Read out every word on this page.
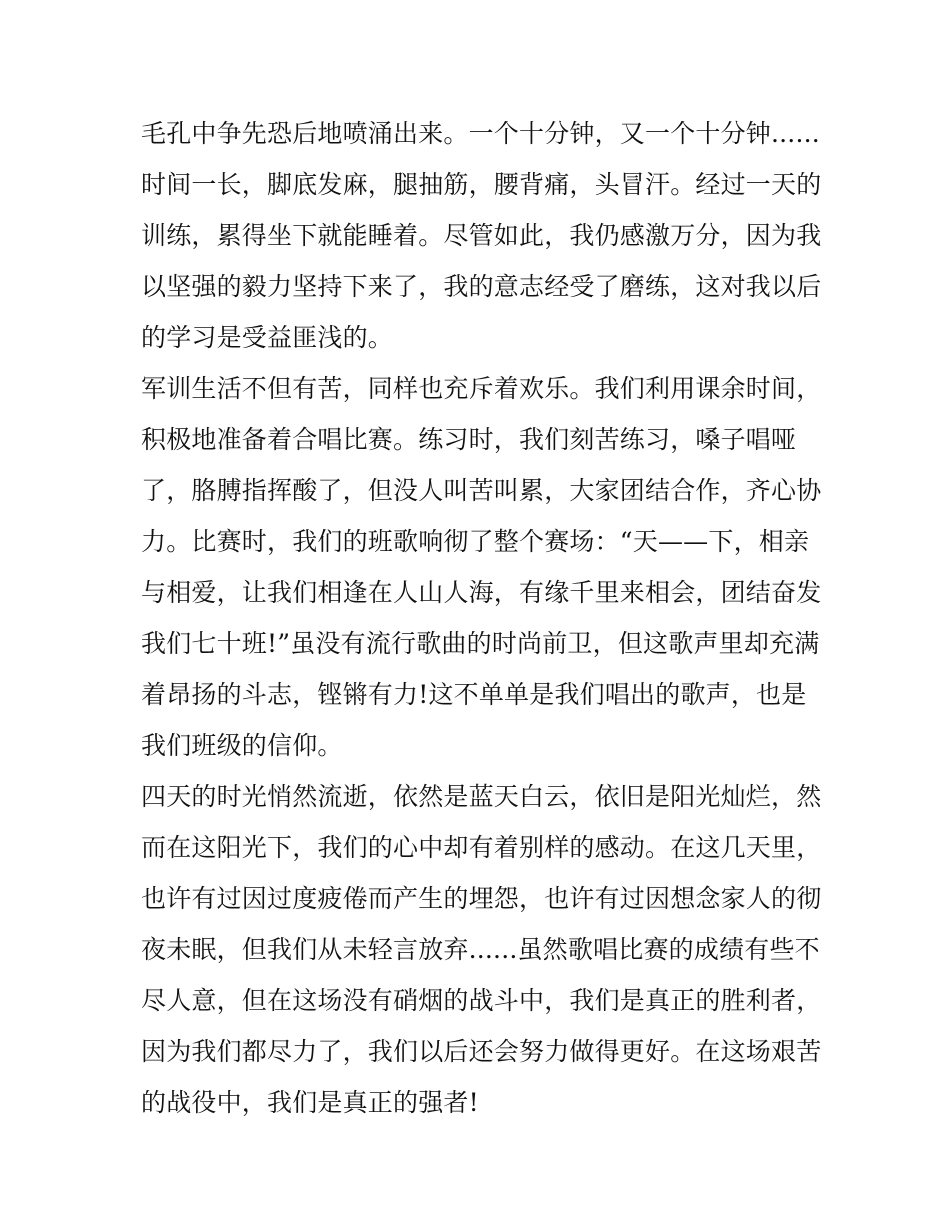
毛孔中争先恐后地喷涌出来。一个十分钟，又一个十分钟......
时间一长，脚底发麻，腿抽筋，腰背痛，头冒汗。经过一天的
训练，累得坐下就能睡着。尽管如此，我仍感激万分，因为我
以坚强的毅力坚持下来了，我的意志经受了磨练，这对我以后
的学习是受益匪浅的。
军训生活不但有苦，同样也充斥着欢乐。我们利用课余时间，
积极地准备着合唱比赛。练习时，我们刻苦练习，嗓子唱哑
了，胳膊指挥酸了，但没人叫苦叫累，大家团结合作，齐心协
力。比赛时，我们的班歌响彻了整个赛场：“天——下，相亲
与相爱，让我们相逢在人山人海，有缘千里来相会，团结奋发
我们七十班!”虽没有流行歌曲的时尚前卫，但这歌声里却充满
着昂扬的斗志，铿锵有力!这不单单是我们唱出的歌声，也是
我们班级的信仰。
四天的时光悄然流逝，依然是蓝天白云，依旧是阳光灿烂，然
而在这阳光下，我们的心中却有着别样的感动。在这几天里，
也许有过因过度疲倦而产生的埋怨，也许有过因想念家人的彻
夜未眠，但我们从未轻言放弃......虽然歌唱比赛的成绩有些不
尽人意，但在这场没有硝烟的战斗中，我们是真正的胜利者，
因为我们都尽力了，我们以后还会努力做得更好。在这场艰苦
的战役中，我们是真正的强者!
